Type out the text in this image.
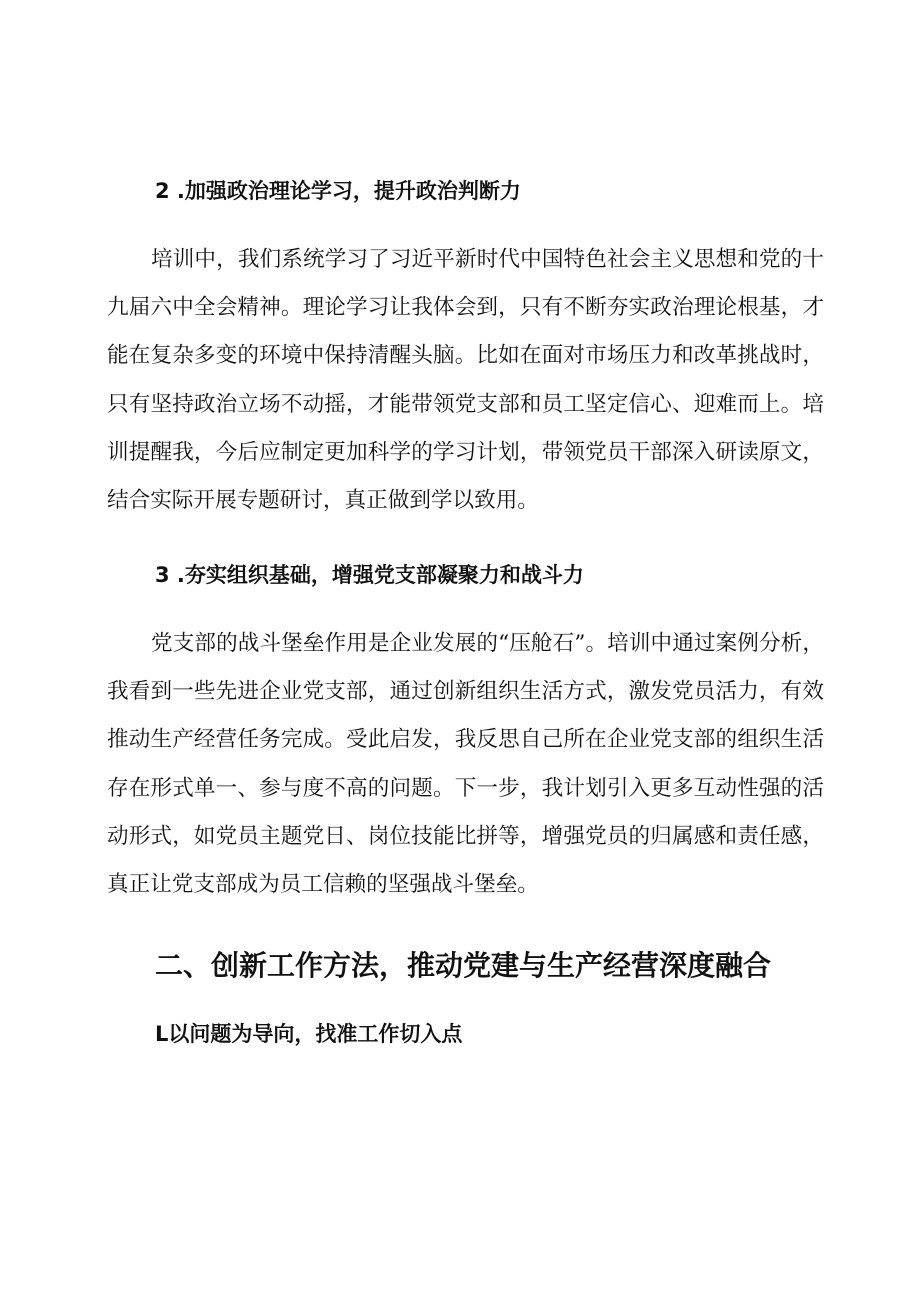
2 .加强政治理论学习，提升政治判断力

培训中，我们系统学习了习近平新时代中国特色社会主义思想和党的十九届六中全会精神。理论学习让我体会到，只有不断夯实政治理论根基，才能在复杂多变的环境中保持清醒头脑。比如在面对市场压力和改革挑战时，只有坚持政治立场不动摇，才能带领党支部和员工坚定信心、迎难而上。培训提醒我，今后应制定更加科学的学习计划，带领党员干部深入研读原文，结合实际开展专题研讨，真正做到学以致用。

3 .夯实组织基础，增强党支部凝聚力和战斗力

党支部的战斗堡垒作用是企业发展的“压舱石”。培训中通过案例分析，我看到一些先进企业党支部，通过创新组织生活方式，激发党员活力，有效推动生产经营任务完成。受此启发，我反思自己所在企业党支部的组织生活存在形式单一、参与度不高的问题。下一步，我计划引入更多互动性强的活动形式，如党员主题党日、岗位技能比拼等，增强党员的归属感和责任感，真正让党支部成为员工信赖的坚强战斗堡垒。

二、创新工作方法，推动党建与生产经营深度融合
L以问题为导向，找准工作切入点
